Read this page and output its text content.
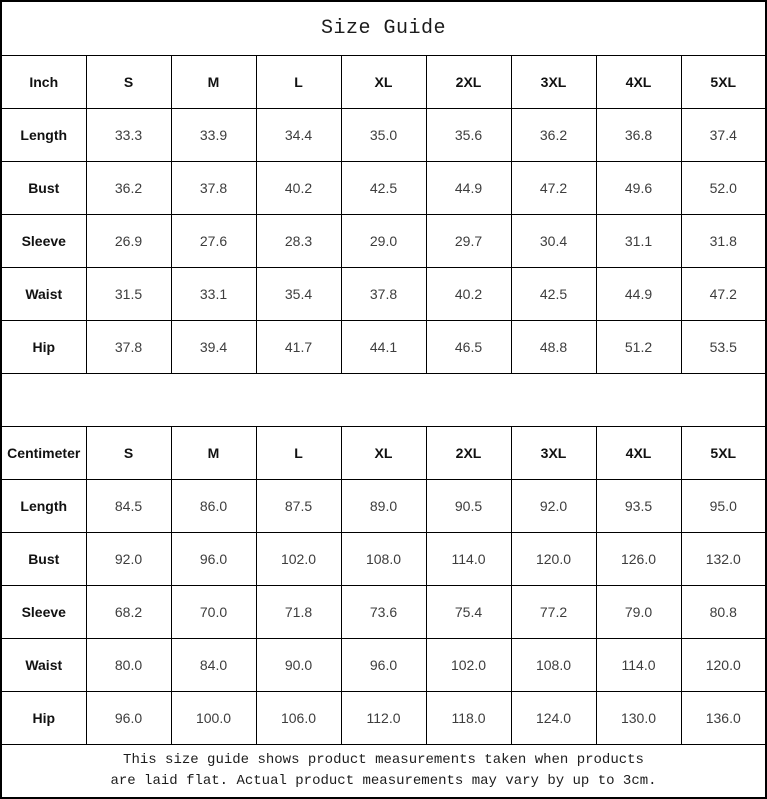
Size Guide								
Inch	S	M	L	XL	2XL	3XL	4XL	5XL
Length	33.3	33.9	34.4	35.0	35.6	36.2	36.8	37.4
Bust	36.2	37.8	40.2	42.5	44.9	47.2	49.6	52.0
Sleeve	26.9	27.6	28.3	29.0	29.7	30.4	31.1	31.8
Waist	31.5	33.1	35.4	37.8	40.2	42.5	44.9	47.2
Hip	37.8	39.4	41.7	44.1	46.5	48.8	51.2	53.5

Centimeter	S	M	L	XL	2XL	3XL	4XL	5XL
Length	84.5	86.0	87.5	89.0	90.5	92.0	93.5	95.0
Bust	92.0	96.0	102.0	108.0	114.0	120.0	126.0	132.0
Sleeve	68.2	70.0	71.8	73.6	75.4	77.2	79.0	80.8
Waist	80.0	84.0	90.0	96.0	102.0	108.0	114.0	120.0
Hip	96.0	100.0	106.0	112.0	118.0	124.0	130.0	136.0

This size guide shows product measurements taken when products
are laid flat. Actual product measurements may vary by up to 3cm.								
